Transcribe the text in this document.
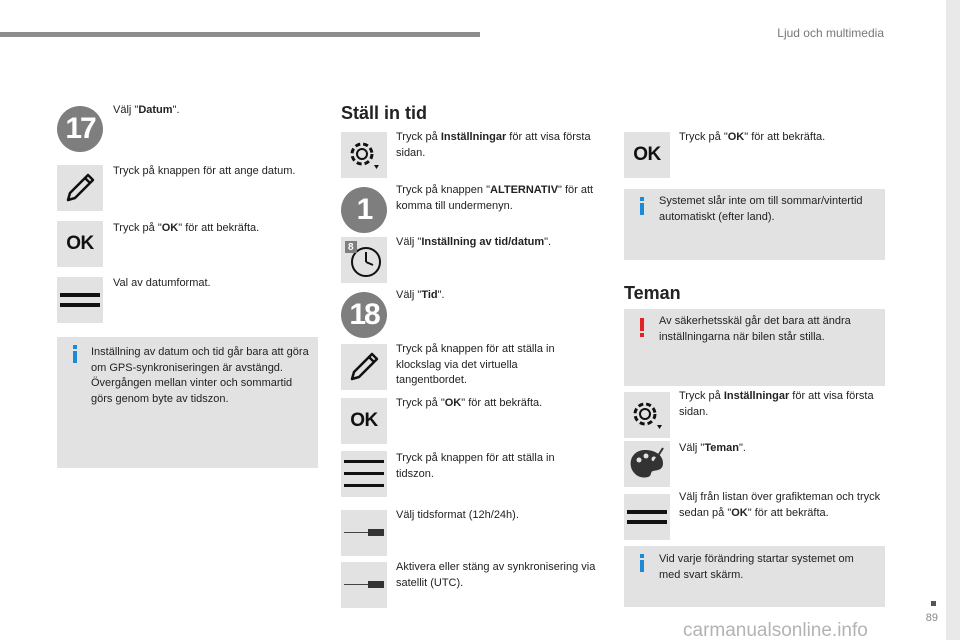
Ljud och multimedia
17
Välj "Datum".
Tryck på knappen för att ange datum.
OK
Tryck på "OK" för att bekräfta.
Val av datumformat.
Inställning av datum och tid går bara att göra om GPS-synkroniseringen är avstängd. Övergången mellan vinter och sommartid görs genom byte av tidszon.
Ställ in tid
Tryck på Inställningar för att visa första sidan.
1
Tryck på knappen "ALTERNATIV" för att komma till undermenyn.
8	Välj "Inställning av tid/datum".
18
Välj "Tid".
Tryck på knappen för att ställa in klockslag via det virtuella tangentbordet.
OK
Tryck på "OK" för att bekräfta.
Tryck på knappen för att ställa in tidszon.
Välj tidsformat (12h/24h).
Aktivera eller stäng av synkronisering via satellit (UTC).
OK
Tryck på "OK" för att bekräfta.
Systemet slår inte om till sommar/vintertid automatiskt (efter land).
Teman
Av säkerhetsskäl går det bara att ändra inställningarna när bilen står stilla.
Tryck på Inställningar för att visa första sidan.
Välj "Teman".
Välj från listan över grafikteman och tryck sedan på "OK" för att bekräfta.
Vid varje förändring startar systemet om med svart skärm.
89
carmanualsonline.info
